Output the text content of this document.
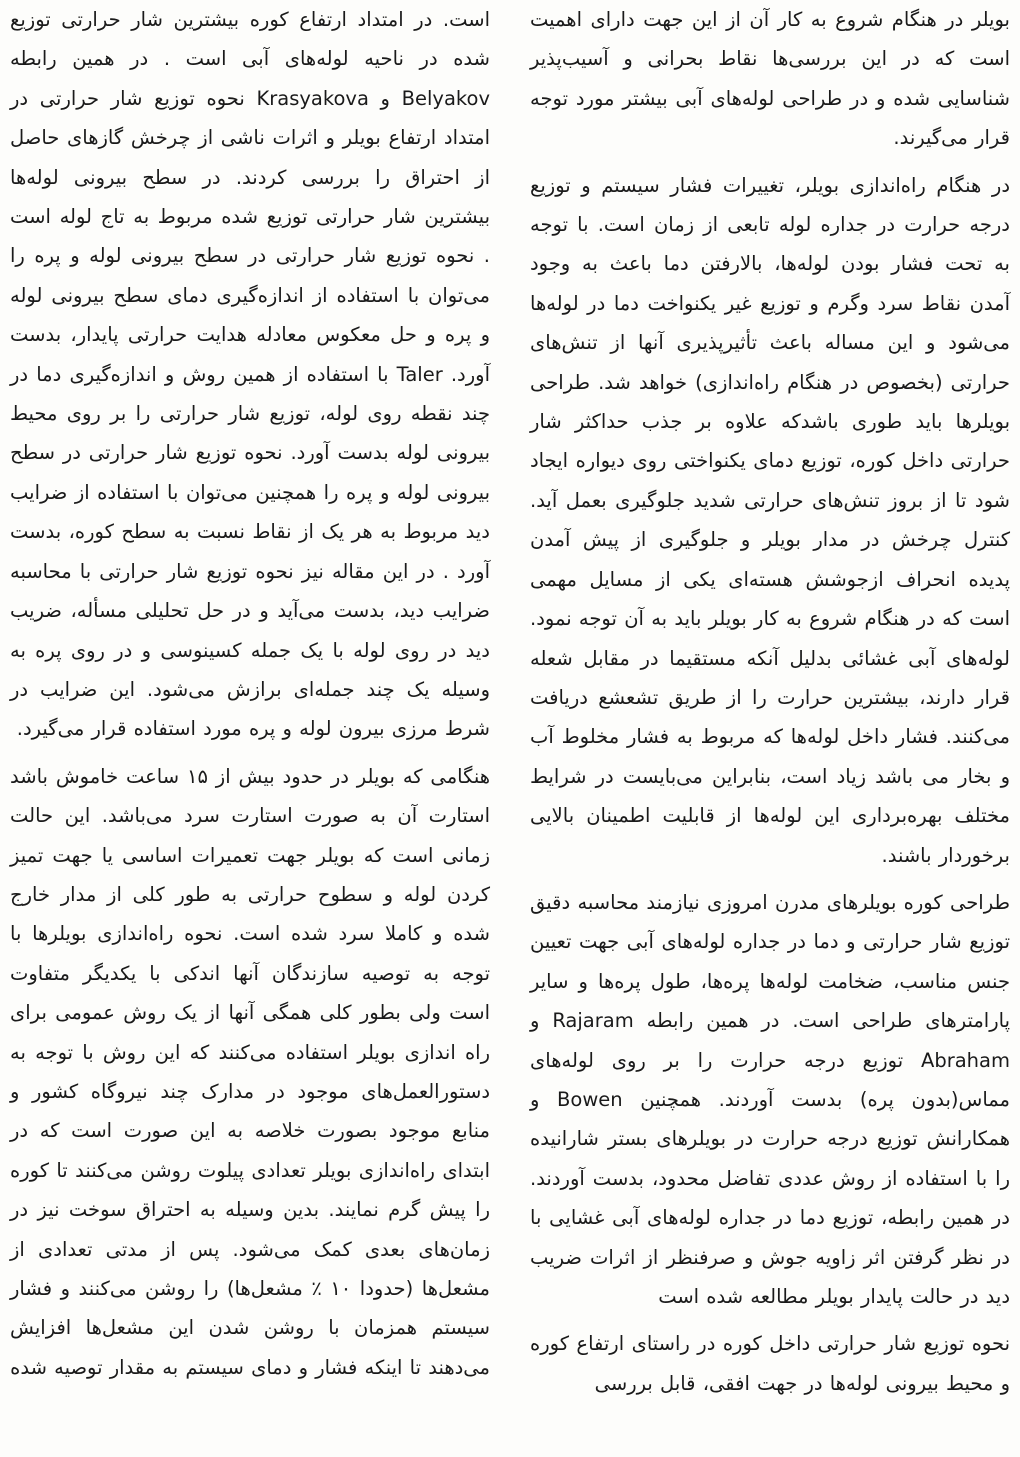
بویلر در هنگام شروع به کار آن از این جهت دارای اهمیت است که در این بررسی‌ها نقاط بحرانی و آسیب‌پذیر شناسایی شده و در طراحی لوله‌های آبی بیشتر مورد توجه قرار می‌گیرند.

در هنگام راه‌اندازی بویلر، تغییرات فشار سیستم و توزیع درجه حرارت در جداره لوله تابعی از زمان است. با توجه به تحت فشار بودن لوله‌ها، بالارفتن دما باعث به وجود آمدن نقاط سرد وگرم و توزیع غیر یکنواخت دما در لوله‌ها می‌شود و این مساله باعث تأثیرپذیری آنها از تنش‌های حرارتی (بخصوص در هنگام راه‌اندازی) خواهد شد. طراحی بویلرها باید طوری باشدکه علاوه بر جذب حداکثر شار حرارتی داخل کوره، توزیع دمای یکنواختی روی دیواره ایجاد شود تا از بروز تنش‌های حرارتی شدید جلوگیری بعمل آید. کنترل چرخش در مدار بویلر و جلوگیری از پیش آمدن پدیده انحراف ازجوشش هسته‌ای یکی از مسایل مهمی است که در هنگام شروع به کار بویلر باید به آن توجه نمود. لوله‌های آبی غشائی بدلیل آنکه مستقیما در مقابل شعله قرار دارند، بیشترین حرارت را از طریق تشعشع دریافت می‌کنند. فشار داخل لوله‌ها که مربوط به فشار مخلوط آب و بخار می باشد زیاد است، بنابراین می‌بایست در شرایط مختلف بهره‌برداری این لوله‌ها از قابلیت اطمینان بالایی برخوردار باشند.

طراحی کوره بویلرهای مدرن امروزی نیازمند محاسبه دقیق توزیع شار حرارتی و دما در جداره لوله‌های آبی جهت تعیین جنس مناسب، ضخامت لوله‌ها پره‌ها، طول پره‌ها و سایر پارامترهای طراحی است. در همین رابطه Rajaram و Abraham توزیع درجه حرارت را بر روی لوله‌های مماس(بدون پره) بدست آوردند. همچنین Bowen و همکارانش توزیع درجه حرارت در بویلرهای بستر شارانیده را با استفاده از روش عددی تفاضل محدود، بدست آوردند. در همین رابطه، توزیع دما در جداره لوله‌های آبی غشایی با در نظر گرفتن اثر زاویه جوش و صرفنظر از اثرات ضریب دید در حالت پایدار بویلر مطالعه شده است

نحوه توزیع شار حرارتی داخل کوره در راستای ارتفاع کوره و محیط بیرونی لوله‌ها در جهت افقی، قابل بررسی

است. در امتداد ارتفاع کوره بیشترین شار حرارتی توزیع شده در ناحیه لوله‌های آبی است . در همین رابطه Belyakov و Krasyakova نحوه توزیع شار حرارتی در امتداد ارتفاع بویلر و اثرات ناشی از چرخش گازهای حاصل از احتراق را بررسی کردند. در سطح بیرونی لوله‌ها بیشترین شار حرارتی توزیع شده مربوط به تاج لوله است . نحوه توزیع شار حرارتی در سطح بیرونی لوله و پره را می‌توان با استفاده از اندازه‌گیری دمای سطح بیرونی لوله و پره و حل معکوس معادله هدایت حرارتی پایدار، بدست آورد. Taler با استفاده از همین روش و اندازه‌گیری دما در چند نقطه روی لوله، توزیع شار حرارتی را بر روی محیط بیرونی لوله بدست آورد. نحوه توزیع شار حرارتی در سطح بیرونی لوله و پره را همچنین می‌توان با استفاده از ضرایب دید مربوط به هر یک از نقاط نسبت به سطح کوره، بدست آورد . در این مقاله نیز نحوه توزیع شار حرارتی با محاسبه ضرایب دید، بدست می‌آید و در حل تحلیلی مسأله، ضریب دید در روی لوله با یک جمله کسینوسی و در روی پره به وسیله یک چند جمله‌ای برازش می‌شود. این ضرایب در شرط مرزی بیرون لوله و پره مورد استفاده قرار می‌گیرد.

هنگامی که بویلر در حدود بیش از ۱۵ ساعت خاموش باشد استارت آن به صورت استارت سرد می‌باشد. این حالت زمانی است که بویلر جهت تعمیرات اساسی یا جهت تمیز کردن لوله و سطوح حرارتی به طور کلی از مدار خارج شده و کاملا سرد شده است. نحوه راه‌اندازی بویلرها با توجه به توصیه سازندگان آنها اندکی با یکدیگر متفاوت است ولی بطور کلی همگی آنها از یک روش عمومی برای راه اندازی بویلر استفاده می‌کنند که این روش با توجه به دستورالعمل‌های موجود در مدارک چند نیروگاه کشور و منابع موجود بصورت خلاصه به این صورت است که در ابتدای راه‌اندازی بویلر تعدادی پیلوت روشن می‌کنند تا کوره را پیش گرم نمایند. بدین وسیله به احتراق سوخت نیز در زمان‌های بعدی کمک می‌شود. پس از مدتی تعدادی از مشعل‌ها (حدودا ۱۰ ٪ مشعل‌ها) را روشن می‌کنند و فشار سیستم همزمان با روشن شدن این مشعل‌ها افزایش می‌دهند تا اینکه فشار و دمای سیستم به مقدار توصیه شده
